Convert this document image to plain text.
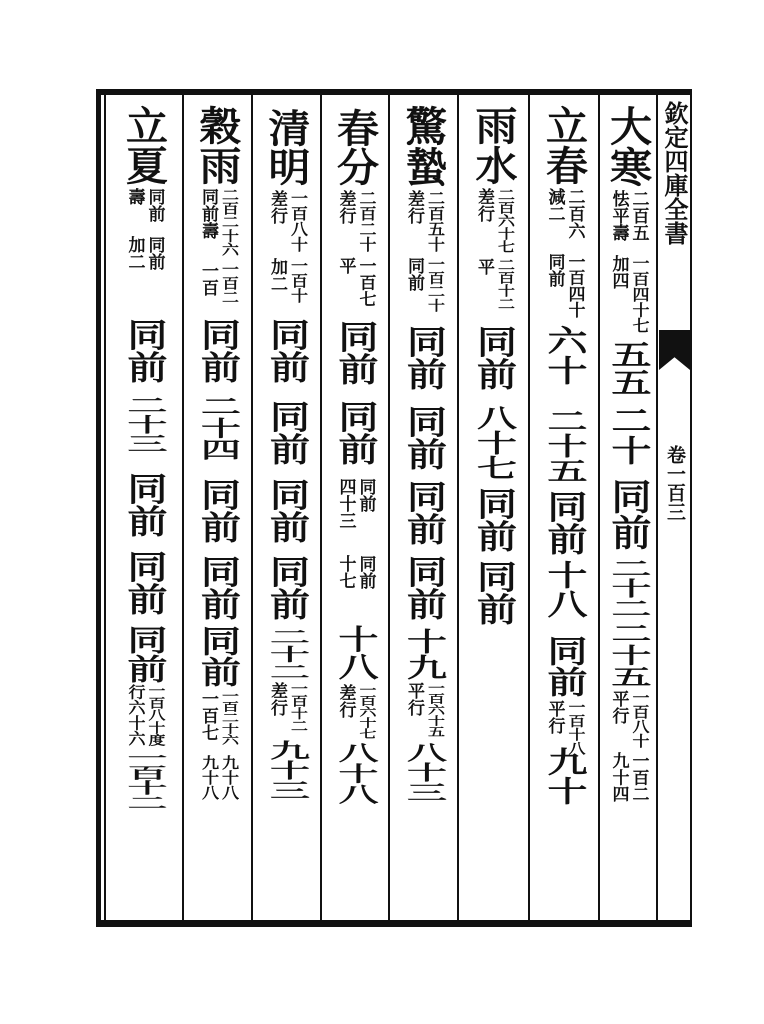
欽定四庫全書
卷一百三
大寒
二百五
怯平壽
一百四十七
加四
五五
二十
同前
二十二
二十五
一百八十
平行
一百二
九十四
立春
二百六
減二
一百四十
同前
六十
二十五
同前
十八
同前
一百十八
平行
九十
雨水
二百六十七
差行
二百十二
平
同前
八十七
同前
同前
驚蟄
二百五十
差行
一百二十
同前
同前
同前
同前
同前
十九
一百六十五
平行
八十三
春分
二百二十
差行
一百七
平
同前
同前
同前
四十三
同前
十七
十八
一百六十七
差行
八十八
清明
一百八十
差行
一百十
加二
同前
同前
同前
同前
二十二
一百十二
差行
九十三
穀雨
二百二十六
同前壽
一百二
一百
同前
二十四
同前
同前
同前
一百二十六
一百七
九十八
九十八
立夏
同前
壽
同前
加二
同前
二十三
同前
同前
同前
一百八十度
行六十六
一百十二
